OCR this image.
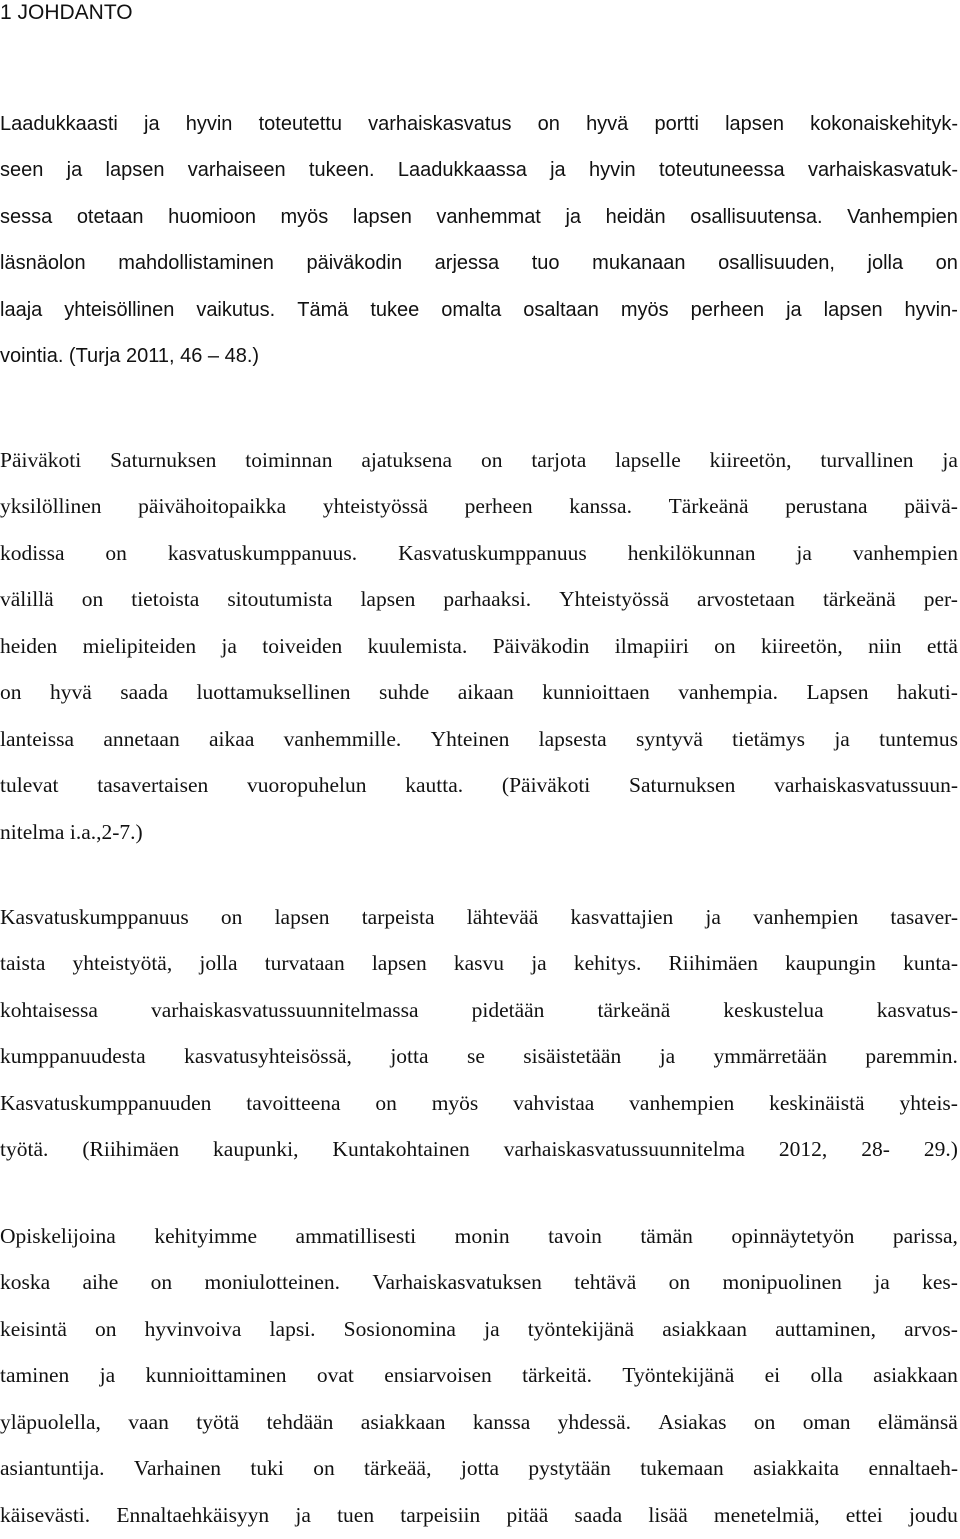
1 JOHDANTO
Laadukkaasti ja hyvin toteutettu varhaiskasvatus on hyvä portti lapsen kokonaiskehityk-
seen ja lapsen varhaiseen tukeen. Laadukkaassa ja hyvin toteutuneessa varhaiskasvatuk-
sessa otetaan huomioon myös lapsen vanhemmat ja heidän osallisuutensa. Vanhempien
läsnäolon mahdollistaminen päiväkodin arjessa tuo mukanaan osallisuuden, jolla on
laaja yhteisöllinen vaikutus. Tämä tukee omalta osaltaan myös perheen ja lapsen hyvin-
vointia. (Turja 2011, 46 – 48.)
Päiväkoti Saturnuksen toiminnan ajatuksena on tarjota lapselle kiireetön, turvallinen ja
yksilöllinen päivähoitopaikka yhteistyössä perheen kanssa. Tärkeänä perustana päivä-
kodissa on kasvatuskumppanuus. Kasvatuskumppanuus henkilökunnan ja vanhempien
välillä on tietoista sitoutumista lapsen parhaaksi. Yhteistyössä arvostetaan tärkeänä per-
heiden mielipiteiden ja toiveiden kuulemista. Päiväkodin ilmapiiri on kiireetön, niin että
on hyvä saada luottamuksellinen suhde aikaan kunnioittaen vanhempia. Lapsen hakuti-
lanteissa annetaan aikaa vanhemmille. Yhteinen lapsesta syntyvä tietämys ja tuntemus
tulevat tasavertaisen vuoropuhelun kautta. (Päiväkoti Saturnuksen varhaiskasvatussuun-
nitelma i.a.,2-7.)
Kasvatuskumppanuus on lapsen tarpeista lähtevää kasvattajien ja vanhempien tasaver-
taista yhteistyötä, jolla turvataan lapsen kasvu ja kehitys. Riihimäen kaupungin kunta-
kohtaisessa varhaiskasvatussuunnitelmassa pidetään tärkeänä keskustelua kasvatus-
kumppanuudesta kasvatusyhteisössä, jotta se sisäistetään ja ymmärretään paremmin.
Kasvatuskumppanuuden tavoitteena on myös vahvistaa vanhempien keskinäistä yhteis-
työtä. (Riihimäen kaupunki, Kuntakohtainen varhaiskasvatussuunnitelma 2012, 28- 29.)
Opiskelijoina kehityimme ammatillisesti monin tavoin tämän opinnäytetyön parissa,
koska aihe on moniulotteinen. Varhaiskasvatuksen tehtävä on monipuolinen ja kes-
keisintä on hyvinvoiva lapsi. Sosionomina ja työntekijänä asiakkaan auttaminen, arvos-
taminen ja kunnioittaminen ovat ensiarvoisen tärkeitä. Työntekijänä ei olla asiakkaan
yläpuolella, vaan työtä tehdään asiakkaan kanssa yhdessä. Asiakas on oman elämänsä
asiantuntija. Varhainen tuki on tärkeää, jotta pystytään tukemaan asiakkaita ennaltaeh-
käisevästi. Ennaltaehkäisyyn ja tuen tarpeisiin pitää saada lisää menetelmiä, ettei joudu
